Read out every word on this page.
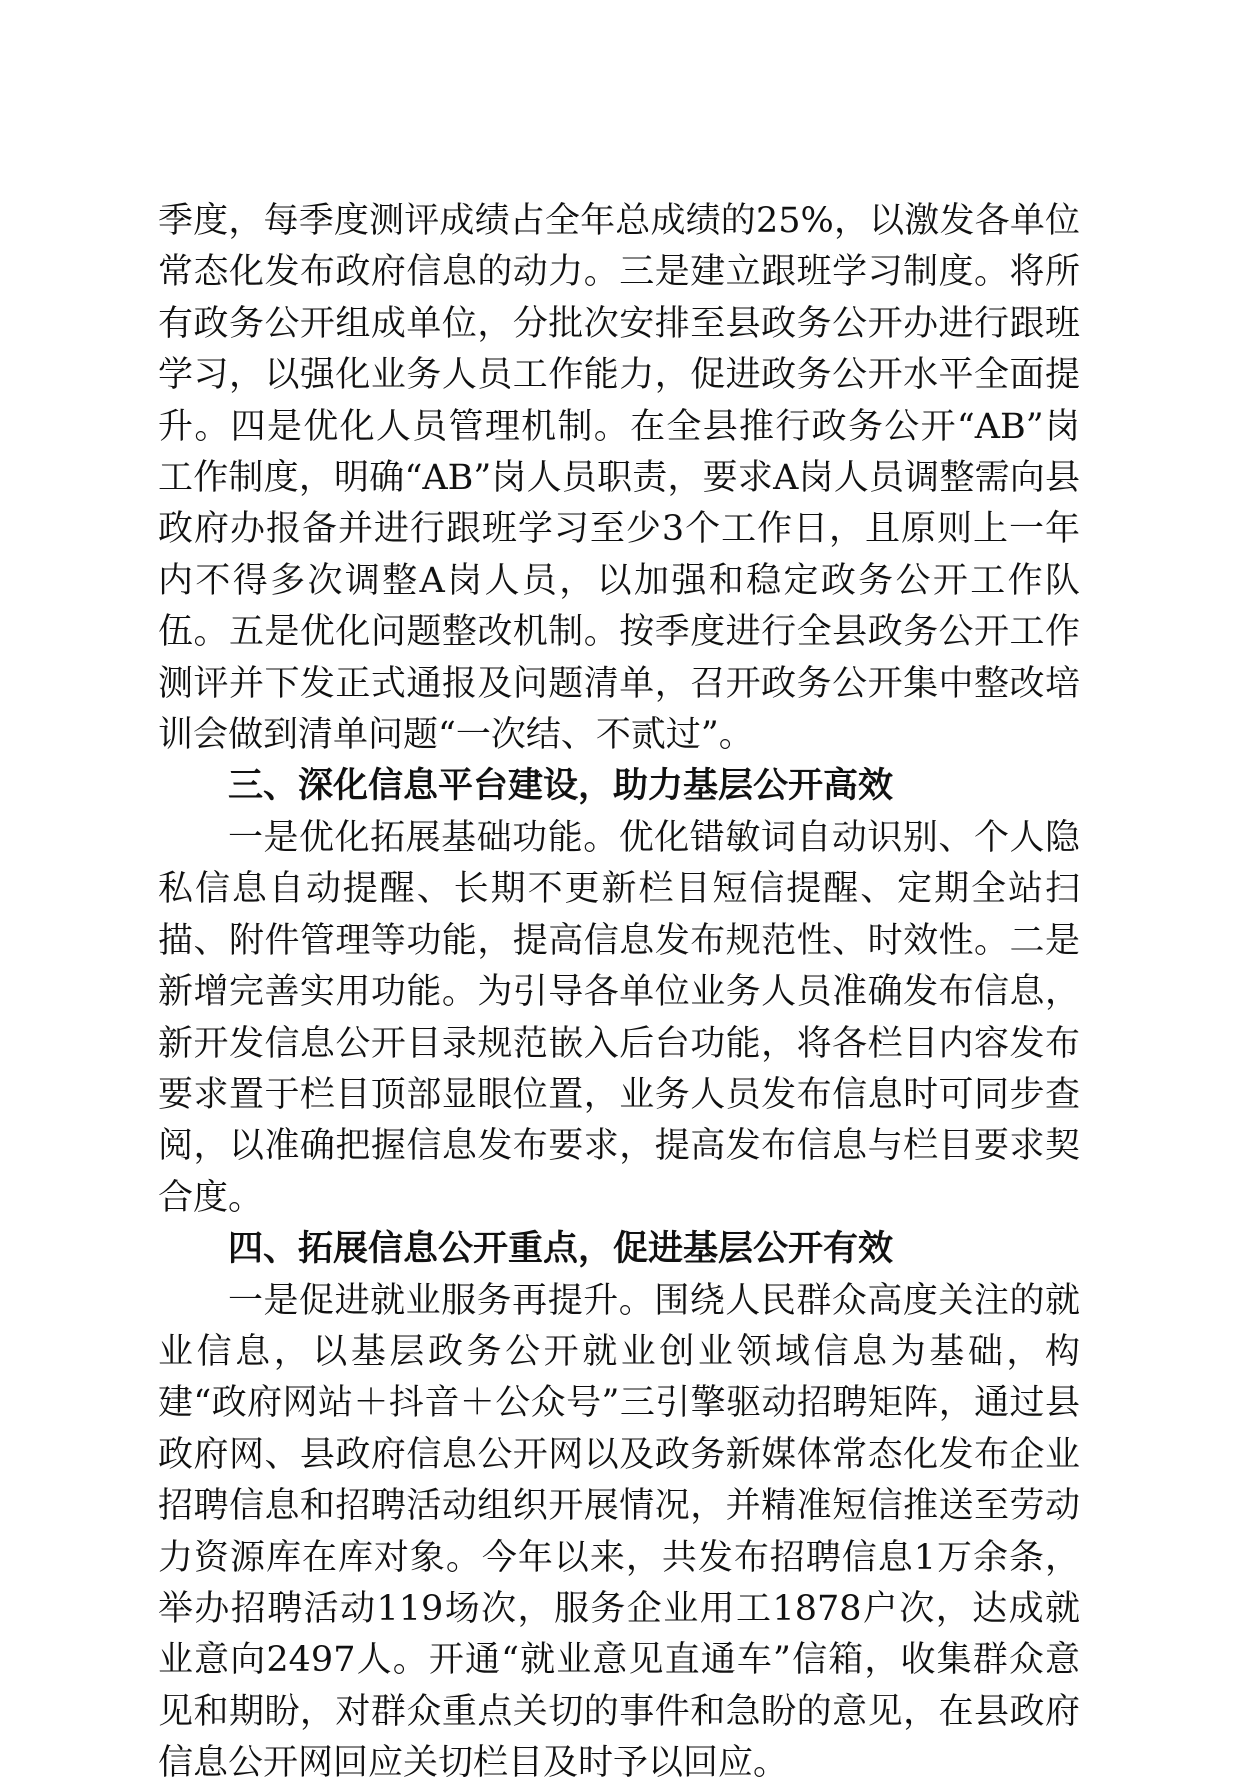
季度，每季度测评成绩占全年总成绩的25%，以激发各单位常态化发布政府信息的动力。三是建立跟班学习制度。将所有政务公开组成单位，分批次安排至县政务公开办进行跟班学习，以强化业务人员工作能力，促进政务公开水平全面提升。四是优化人员管理机制。在全县推行政务公开“AB”岗工作制度，明确“AB”岗人员职责，要求A岗人员调整需向县政府办报备并进行跟班学习至少3个工作日，且原则上一年内不得多次调整A岗人员，以加强和稳定政务公开工作队伍。五是优化问题整改机制。按季度进行全县政务公开工作测评并下发正式通报及问题清单，召开政务公开集中整改培训会做到清单问题“一次结、不贰过”。

三、深化信息平台建设，助力基层公开高效

一是优化拓展基础功能。优化错敏词自动识别、个人隐私信息自动提醒、长期不更新栏目短信提醒、定期全站扫描、附件管理等功能，提高信息发布规范性、时效性。二是新增完善实用功能。为引导各单位业务人员准确发布信息，新开发信息公开目录规范嵌入后台功能，将各栏目内容发布要求置于栏目顶部显眼位置，业务人员发布信息时可同步查阅，以准确把握信息发布要求，提高发布信息与栏目要求契合度。

四、拓展信息公开重点，促进基层公开有效

一是促进就业服务再提升。围绕人民群众高度关注的就业信息，以基层政务公开就业创业领域信息为基础，构建“政府网站＋抖音＋公众号”三引擎驱动招聘矩阵，通过县政府网、县政府信息公开网以及政务新媒体常态化发布企业招聘信息和招聘活动组织开展情况，并精准短信推送至劳动力资源库在库对象。今年以来，共发布招聘信息1万余条，举办招聘活动119场次，服务企业用工1878户次，达成就业意向2497人。开通“就业意见直通车”信箱，收集群众意见和期盼，对群众重点关切的事件和急盼的意见，在县政府信息公开网回应关切栏目及时予以回应。
